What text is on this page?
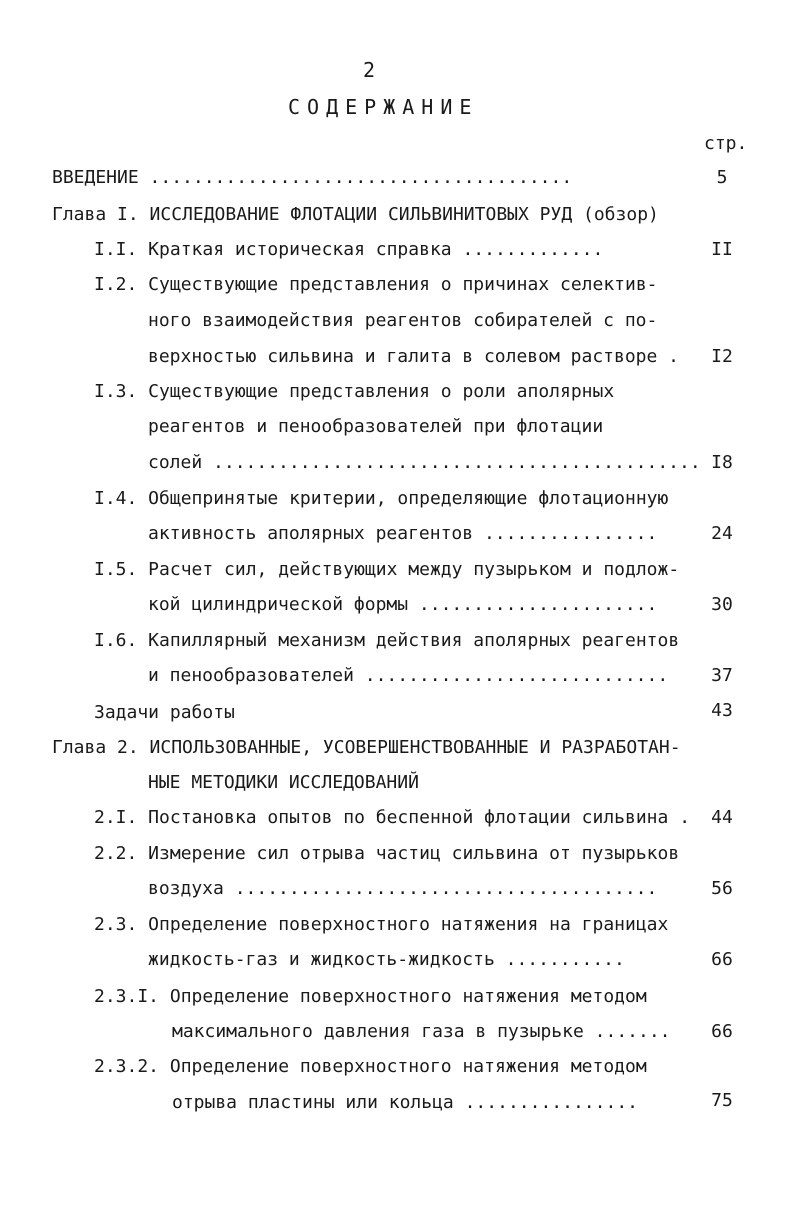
2
СОДЕРЖАНИЕ
стр.
ВВЕДЕНИЕ .......................................	5
Глава I. ИССЛЕДОВАНИЕ ФЛОТАЦИИ СИЛЬВИНИТОВЫХ РУД (обзор)
I.I. Краткая историческая справка .............	II
I.2. Существующие представления о причинах селектив-
ного взаимодействия реагентов собирателей с по-
верхностью сильвина и галита в солевом растворе .	I2
I.3. Существующие представления о роли аполярных
реагентов и пенообразователей при флотации
солей ............................................. I8
I.4. Общепринятые критерии, определяющие флотационную
активность аполярных реагентов ................	24
I.5. Расчет сил, действующих между пузырьком и подлож-
кой цилиндрической формы ......................	30
I.6. Капиллярный механизм действия аполярных реагентов
и пенообразователей ............................	37
Задачи работы	43
Глава 2. ИСПОЛЬЗОВАННЫЕ, УСОВЕРШЕНСТВОВАННЫЕ И РАЗРАБОТАН-
НЫЕ МЕТОДИКИ ИССЛЕДОВАНИЙ
2.I. Постановка опытов по беспенной флотации сильвина .	44
2.2. Измерение сил отрыва частиц сильвина от пузырьков
воздуха .......................................	56
2.3. Определение поверхностного натяжения на границах
жидкость-газ и жидкость-жидкость ...........	66
2.3.I. Определение поверхностного натяжения методом
максимального давления газа в пузырьке .......	66
2.3.2. Определение поверхностного натяжения методом
отрыва пластины или кольца ................	75
